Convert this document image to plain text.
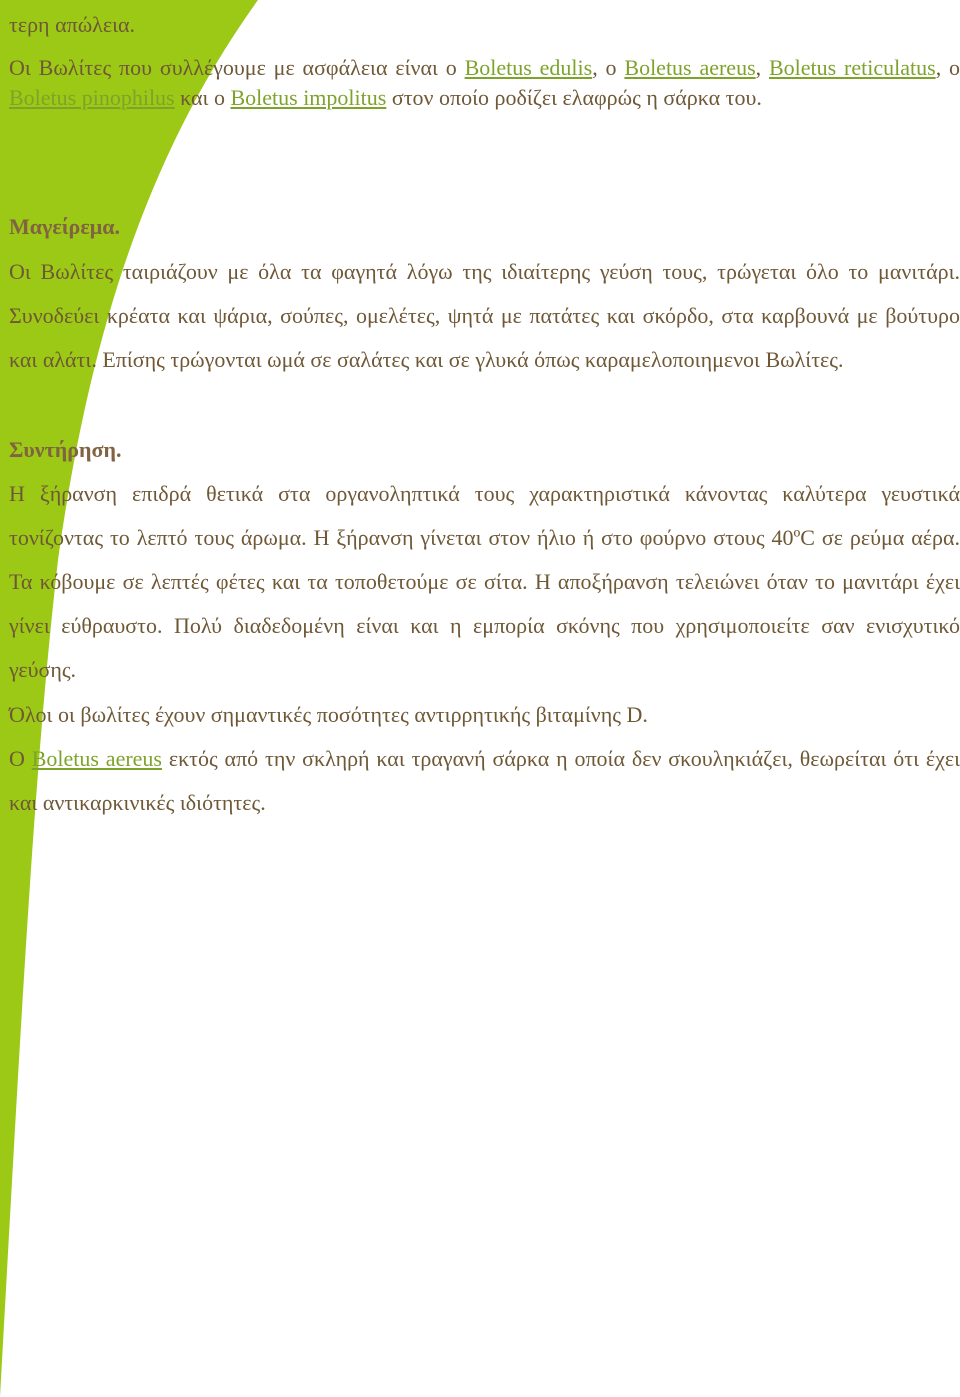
τερη απώλεια.

Οι Βωλίτες που συλλέγουμε με ασφάλεια είναι ο Boletus edulis, ο Boletus aereus, Boletus reticulatus, ο Boletus pinophilus και ο Boletus impolitus στον οποίο ροδίζει ελαφρώς η σάρκα του.

Μαγείρεμα.

Οι Βωλίτες ταιριάζουν με όλα τα φαγητά λόγω της ιδιαίτερης γεύση τους, τρώγεται όλο το μανιτάρι. Συνοδεύει κρέατα και ψάρια, σούπες, ομελέτες, ψητά με πατάτες και σκόρδο, στα καρβουνά με βούτυρο και αλάτι. Επίσης τρώγονται ωμά σε σαλάτες και σε γλυκά όπως καραμελοποιημενοι Βωλίτες.

Συντήρηση.

Η ξήρανση επιδρά θετικά στα οργανοληπτικά τους χαρακτηριστικά κάνοντας καλύτερα γευστικά τονίζοντας το λεπτό τους άρωμα. Η ξήρανση γίνεται στον ήλιο ή στο φούρνο στους 40ºC σε ρεύμα αέρα. Τα κόβουμε σε λεπτές φέτες και τα τοποθετούμε σε σίτα. Η αποξήρανση τελειώνει όταν το μανιτάρι έχει γίνει εύθραυστο. Πολύ διαδεδομένη είναι και η εμπορία σκόνης που χρησιμοποιείτε σαν ενισχυτικό γεύσης.

Όλοι οι βωλίτες έχουν σημαντικές ποσότητες αντιρρητικής βιταμίνης D.

Ο Boletus aereus εκτός από την σκληρή και τραγανή σάρκα η οποία δεν σκουληκιάζει, θεωρείται ότι έχει και αντικαρκινικές ιδιότητες.
